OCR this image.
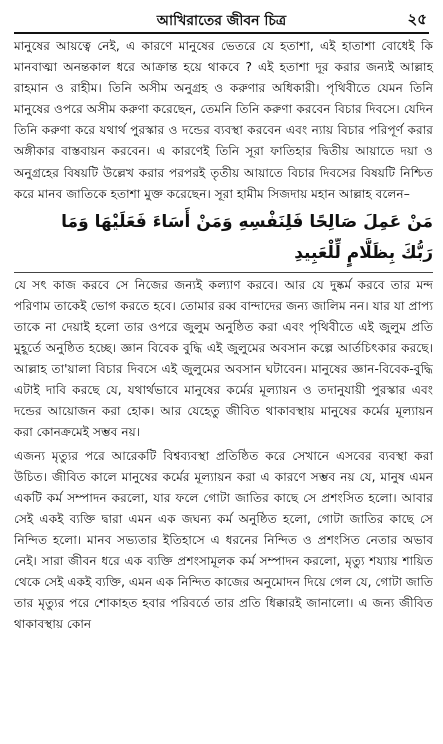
আখিরাতের জীবন চিত্র	২৫

মানুষের আয়ত্বে নেই, এ কারণে মানুষের ভেতরে যে হতাশা, এই হাতাশা বোধেই কি মানবাত্মা অনন্তকাল ধরে আক্রান্ত হয়ে থাকবে ? এই হতাশা দূর করার জন্যই আল্লাহ রাহমান ও রাহীম। তিনি অসীম অনুগ্রহ ও করুণার অধিকারী। পৃথিবীতে যেমন তিনি মানুষের ওপরে অসীম করুণা করেছেন, তেমনি তিনি করুণা করবেন বিচার দিবসে। যেদিন তিনি করুণা করে যথার্থ পুরস্কার ও দন্ডের ব্যবস্থা করবেন এবং ন্যায় বিচার পরিপূর্ণ করার অঙ্গীকার বাস্তবায়ন করবেন। এ কারণেই তিনি সূরা ফাতিহার দ্বিতীয় আয়াতে দয়া ও অনুগ্রহের বিষয়টি উল্লেখ করার পরপরই তৃতীয় আয়াতে বিচার দিবসের বিষয়টি নিশ্চিত করে মানব জাতিকে হতাশা মুক্ত করেছেন। সূরা হামীম সিজদায় মহান আল্লাহ বলেন–

مَنْ عَمِلَ صَالِحًا فَلِنَفْسِهِ وَمَنْ أَسَاءَ فَعَلَيْهَا وَمَا
رَبُّكَ بِظَلَّامٍ لِّلْعَبِيدِ

যে সৎ কাজ করবে সে নিজের জন্যই কল্যাণ করবে। আর যে দুষ্কর্ম করবে তার মন্দ পরিণাম তাকেই ভোগ করতে হবে। তোমার রব্ব বান্দাদের জন্য জালিম নন। যার যা প্রাপ্য তাকে না দেয়াই হলো তার ওপরে জুলুম অনুষ্ঠিত করা এবং পৃথিবীতে এই জুলুম প্রতি মুহূর্তে অনুষ্ঠিত হচ্ছে। জ্ঞান বিবেক বুদ্ধি এই জুলুমের অবসান কল্পে আর্তচিৎকার করছে। আল্লাহ তা'য়ালা বিচার দিবসে এই জুলুমের অবসান ঘটাবেন। মানুষের জ্ঞান-বিবেক-বুদ্ধি এটাই দাবি করছে যে, যথার্থভাবে মানুষের কর্মের মূল্যায়ন ও তদানুযায়ী পুরস্কার এবং দন্ডের আয়োজন করা হোক। আর যেহেতু জীবিত থাকাবস্থায় মানুষের কর্মের মূল্যায়ন করা কোনক্রমেই সম্ভব নয়।

এজন্য মৃত্যুর পরে আরেকটি বিশ্বব্যবস্থা প্রতিষ্ঠিত করে সেখানে এসবের ব্যবস্থা করা উচিত। জীবিত কালে মানুষের কর্মের মূল্যায়ন করা এ কারণে সম্ভব নয় যে, মানুষ এমন একটি কর্ম সম্পাদন করলো, যার ফলে গোটা জাতির কাছে সে প্রশংসিত হলো। আবার সেই একই ব্যক্তি দ্বারা এমন এক জঘন্য কর্ম অনুষ্ঠিত হলো, গোটা জাতির কাছে সে নিন্দিত হলো। মানব সভ্যতার ইতিহাসে এ ধরনের নিন্দিত ও প্রশংসিত নেতার অভাব নেই। সারা জীবন ধরে এক ব্যক্তি প্রশংসামূলক কর্ম সম্পাদন করলো, মৃত্যু শয্যায় শায়িত থেকে সেই একই ব্যক্তি, এমন এক নিন্দিত কাজের অনুমোদন দিয়ে গেল যে, গোটা জাতি তার মৃত্যুর পরে শোকাহত হবার পরিবর্তে তার প্রতি ধিক্কারই জানালো। এ জন্য জীবিত থাকাবস্থায় কোন
